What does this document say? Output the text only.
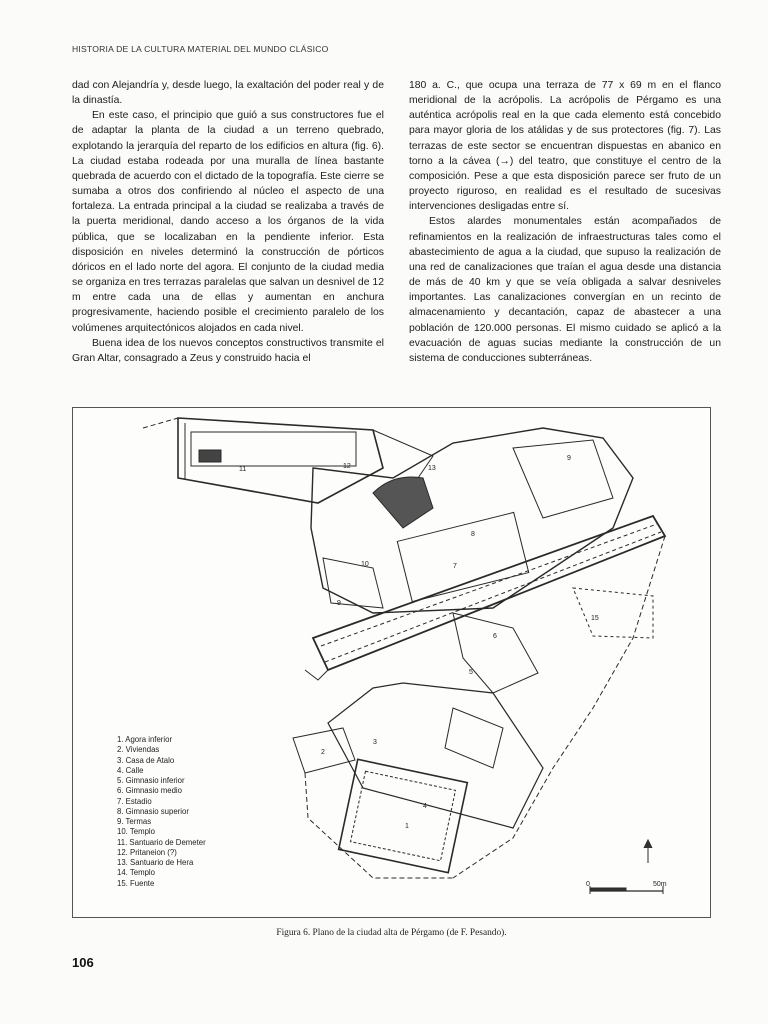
HISTORIA DE LA CULTURA MATERIAL DEL MUNDO CLÁSICO

dad con Alejandría y, desde luego, la exaltación del poder real y de la dinastía.

En este caso, el principio que guió a sus constructores fue el de adaptar la planta de la ciudad a un terreno quebrado, explotando la jerarquía del reparto de los edificios en altura (fig. 6). La ciudad estaba rodeada por una muralla de línea bastante quebrada de acuerdo con el dictado de la topografía. Este cierre se sumaba a otros dos confiriendo al núcleo el aspecto de una fortaleza. La entrada principal a la ciudad se realizaba a través de la puerta meridional, dando acceso a los órganos de la vida pública, que se localizaban en la pendiente inferior. Esta disposición en niveles determinó la construcción de pórticos dóricos en el lado norte del agora. El conjunto de la ciudad media se organiza en tres terrazas paralelas que salvan un desnivel de 12 m entre cada una de ellas y aumentan en anchura progresivamente, haciendo posible el crecimiento paralelo de los volúmenes arquitectónicos alojados en cada nivel.

Buena idea de los nuevos conceptos constructivos transmite el Gran Altar, consagrado a Zeus y construido hacia el

180 a. C., que ocupa una terraza de 77 x 69 m en el flanco meridional de la acrópolis. La acrópolis de Pérgamo es una auténtica acrópolis real en la que cada elemento está concebido para mayor gloria de los atálidas y de sus protectores (fig. 7). Las terrazas de este sector se encuentran dispuestas en abanico en torno a la cávea (→) del teatro, que constituye el centro de la composición. Pese a que esta disposición parece ser fruto de un proyecto riguroso, en realidad es el resultado de sucesivas intervenciones desligadas entre sí.

Estos alardes monumentales están acompañados de refinamientos en la realización de infraestructuras tales como el abastecimiento de agua a la ciudad, que supuso la realización de una red de canalizaciones que traían el agua desde una distancia de más de 40 km y que se veía obligada a salvar desniveles importantes. Las canalizaciones convergían en un recinto de almacenamiento y decantación, capaz de abastecer a una población de 120.000 personas. El mismo cuidado se aplicó a la evacuación de aguas sucias mediante la construcción de un sistema de conducciones subterráneas.

11	12	13
9
8
7
6
10
9
15
5
4
3
2
1
0	50m
1. Agora inferior
2. Viviendas
3. Casa de Atalo
4. Calle
5. Gimnasio inferior
6. Gimnasio medio
7. Estadio
8. Gimnasio superior
9. Termas
10. Templo
11. Santuario de Demeter
12. Pritaneion (?)
13. Santuario de Hera
14. Templo
15. Fuente
Figura 6. Plano de la ciudad alta de Pérgamo (de F. Pesando).
106
